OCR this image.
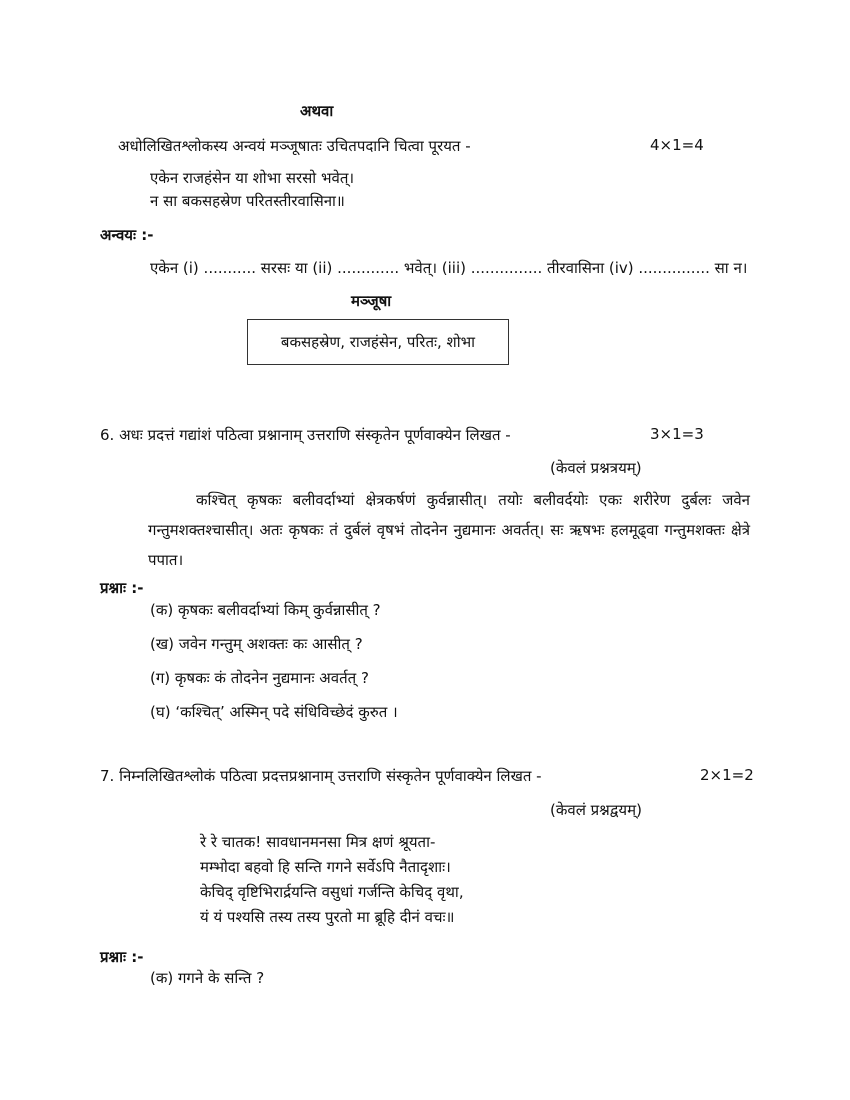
अथवा
अधोलिखितश्लोकस्य अन्वयं मञ्जूषातः उचितपदानि चित्वा पूरयत -	4×1=4
एकेन राजहंसेन या शोभा सरसो भवेत्।
न सा बकसहस्रेण परितस्तीरवासिना॥
अन्वयः :-
एकेन (i) ........... सरसः या (ii) ............. भवेत्। (iii) ............... तीरवासिना (iv) ............... सा न।
मञ्जूषा
बकसहस्रेण, राजहंसेन, परितः, शोभा
6. अधः प्रदत्तं गद्यांशं पठित्वा प्रश्नानाम् उत्तराणि संस्कृतेन पूर्णवाक्येन लिखत -	3×1=3
(केवलं प्रश्नत्रयम्)
कश्चित् कृषकः बलीवर्दाभ्यां क्षेत्रकर्षणं कुर्वन्नासीत्। तयोः बलीवर्दयोः एकः शरीरेण दुर्बलः जवेन गन्तुमशक्तश्चासीत्। अतः कृषकः तं दुर्बलं वृषभं तोदनेन नुद्यमानः अवर्तत्। सः ऋषभः हलमूढ्वा गन्तुमशक्तः क्षेत्रे पपात।
प्रश्नाः :-
(क) कृषकः बलीवर्दाभ्यां किम् कुर्वन्नासीत् ?
(ख) जवेन गन्तुम् अशक्तः कः आसीत् ?
(ग) कृषकः कं तोदनेन नुद्यमानः अवर्तत् ?
(घ) ‘कश्चित्’ अस्मिन् पदे संधिविच्छेदं कुरुत ।
7. निम्नलिखितश्लोकं पठित्वा प्रदत्तप्रश्नानाम् उत्तराणि संस्कृतेन पूर्णवाक्येन लिखत -	2×1=2
(केवलं प्रश्नद्वयम्)
रे रे चातक! सावधानमनसा मित्र क्षणं श्रूयता-
मम्भोदा बहवो हि सन्ति गगने सर्वेऽपि नैतादृशाः।
केचिद् वृष्टिभिरार्द्रयन्ति वसुधां गर्जन्ति केचिद् वृथा,
यं यं पश्यसि तस्य तस्य पुरतो मा ब्रूहि दीनं वचः॥
प्रश्नाः :-
(क) गगने के सन्ति ?
